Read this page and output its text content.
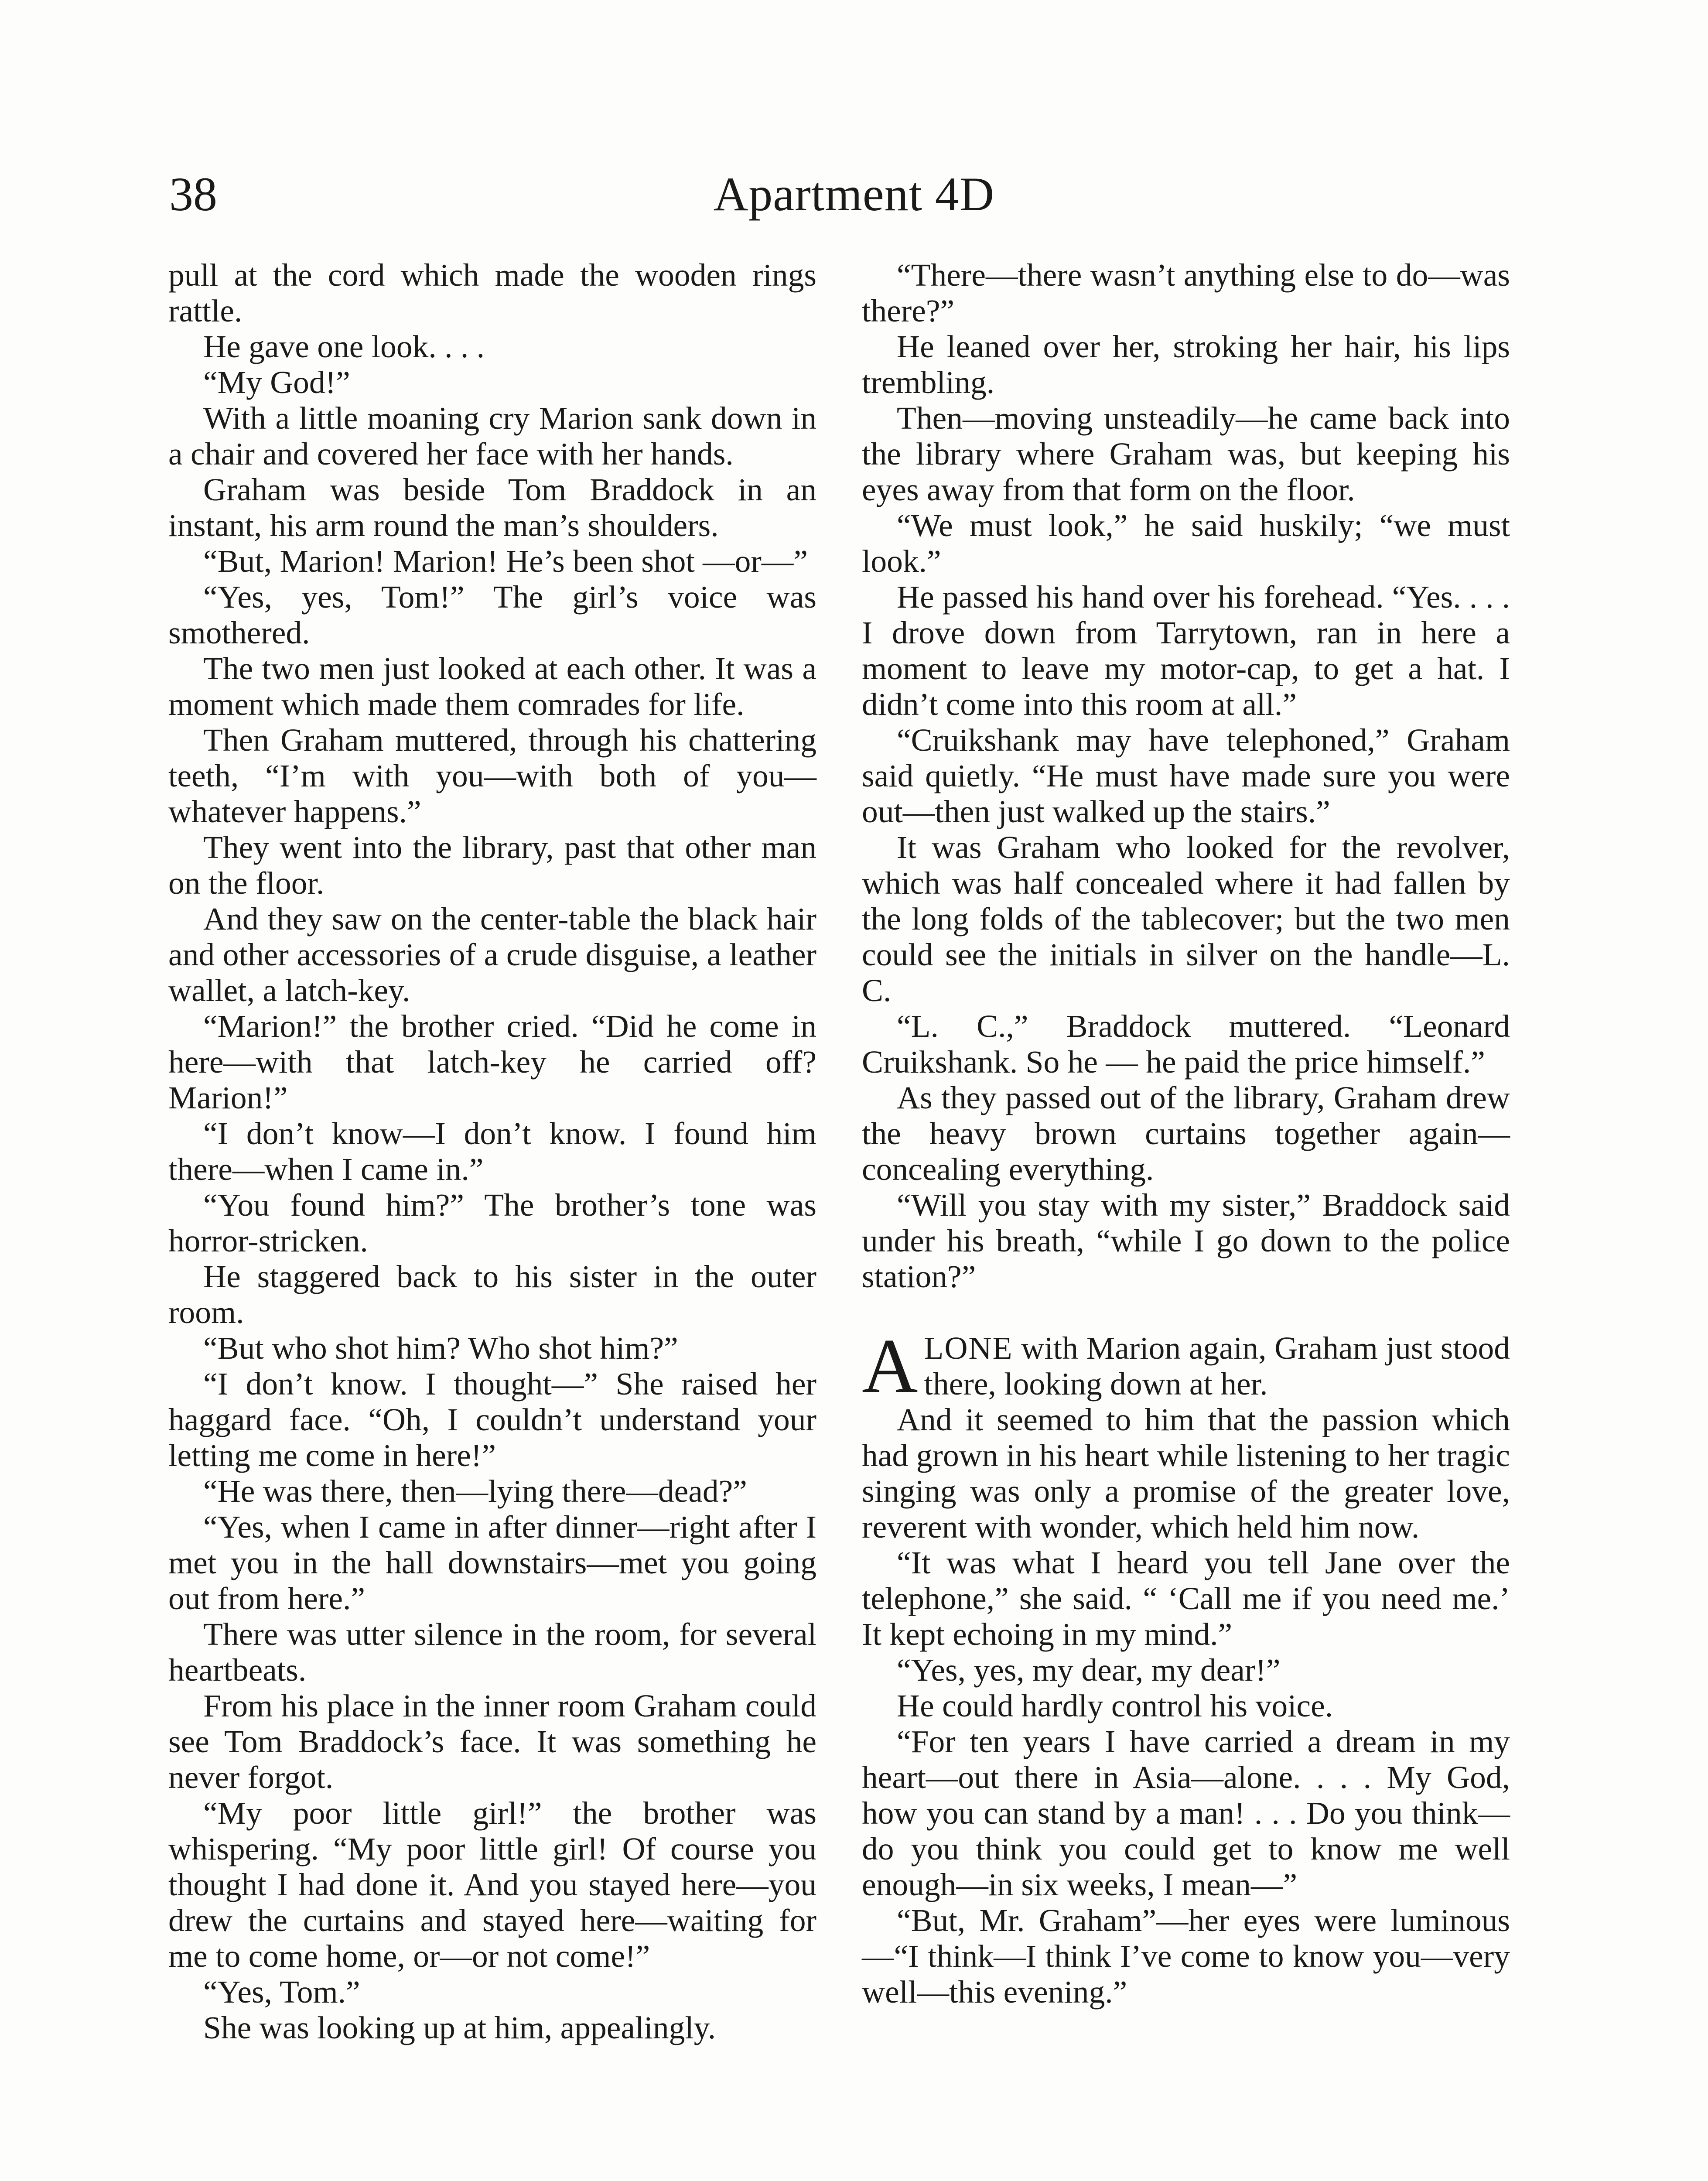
38	Apartment 4D

pull at the cord which made the wooden rings rattle.

He gave one look. . . .

“My God!”

With a little moaning cry Marion sank down in a chair and covered her face with her hands.

Graham was beside Tom Braddock in an instant, his arm round the man’s shoulders.

“But, Marion! Marion! He’s been shot —or—”

“Yes, yes, Tom!” The girl’s voice was smothered.

The two men just looked at each other. It was a moment which made them comrades for life.

Then Graham muttered, through his chattering teeth, “I’m with you—with both of you—whatever happens.”

They went into the library, past that other man on the floor.

And they saw on the center-table the black hair and other accessories of a crude disguise, a leather wallet, a latch-key.

“Marion!” the brother cried. “Did he come in here—with that latch-key he carried off? Marion!”

“I don’t know—I don’t know. I found him there—when I came in.”

“You found him?” The brother’s tone was horror-stricken.

He staggered back to his sister in the outer room.

“But who shot him? Who shot him?”

“I don’t know. I thought—” She raised her haggard face. “Oh, I couldn’t understand your letting me come in here!”

“He was there, then—lying there—dead?”

“Yes, when I came in after dinner—right after I met you in the hall downstairs—met you going out from here.”

There was utter silence in the room, for several heartbeats.

From his place in the inner room Graham could see Tom Braddock’s face. It was something he never forgot.

“My poor little girl!” the brother was whispering. “My poor little girl! Of course you thought I had done it. And you stayed here—you drew the curtains and stayed here—waiting for me to come home, or—or not come!”

“Yes, Tom.”

She was looking up at him, appealingly.

“There—there wasn’t anything else to do—was there?”

He leaned over her, stroking her hair, his lips trembling.

Then—moving unsteadily—he came back into the library where Graham was, but keeping his eyes away from that form on the floor.

“We must look,” he said huskily; “we must look.”

He passed his hand over his forehead. “Yes. . . . I drove down from Tarrytown, ran in here a moment to leave my motor-cap, to get a hat. I didn’t come into this room at all.”

“Cruikshank may have telephoned,” Graham said quietly. “He must have made sure you were out—then just walked up the stairs.”

It was Graham who looked for the revolver, which was half concealed where it had fallen by the long folds of the tablecover; but the two men could see the initials in silver on the handle—L. C.

“L. C.,” Braddock muttered. “Leonard Cruikshank. So he — he paid the price himself.”

As they passed out of the library, Graham drew the heavy brown curtains together again—concealing everything.

“Will you stay with my sister,” Braddock said under his breath, “while I go down to the police station?”

ALONE with Marion again, Graham just stood there, looking down at her.

And it seemed to him that the passion which had grown in his heart while listening to her tragic singing was only a promise of the greater love, reverent with wonder, which held him now.

“It was what I heard you tell Jane over the telephone,” she said. “ ‘Call me if you need me.’ It kept echoing in my mind.”

“Yes, yes, my dear, my dear!”

He could hardly control his voice.

“For ten years I have carried a dream in my heart—out there in Asia—alone. . . . My God, how you can stand by a man! . . . Do you think—do you think you could get to know me well enough—in six weeks, I mean—”

“But, Mr. Graham”—her eyes were luminous—“I think—I think I’ve come to know you—very well—this evening.”
